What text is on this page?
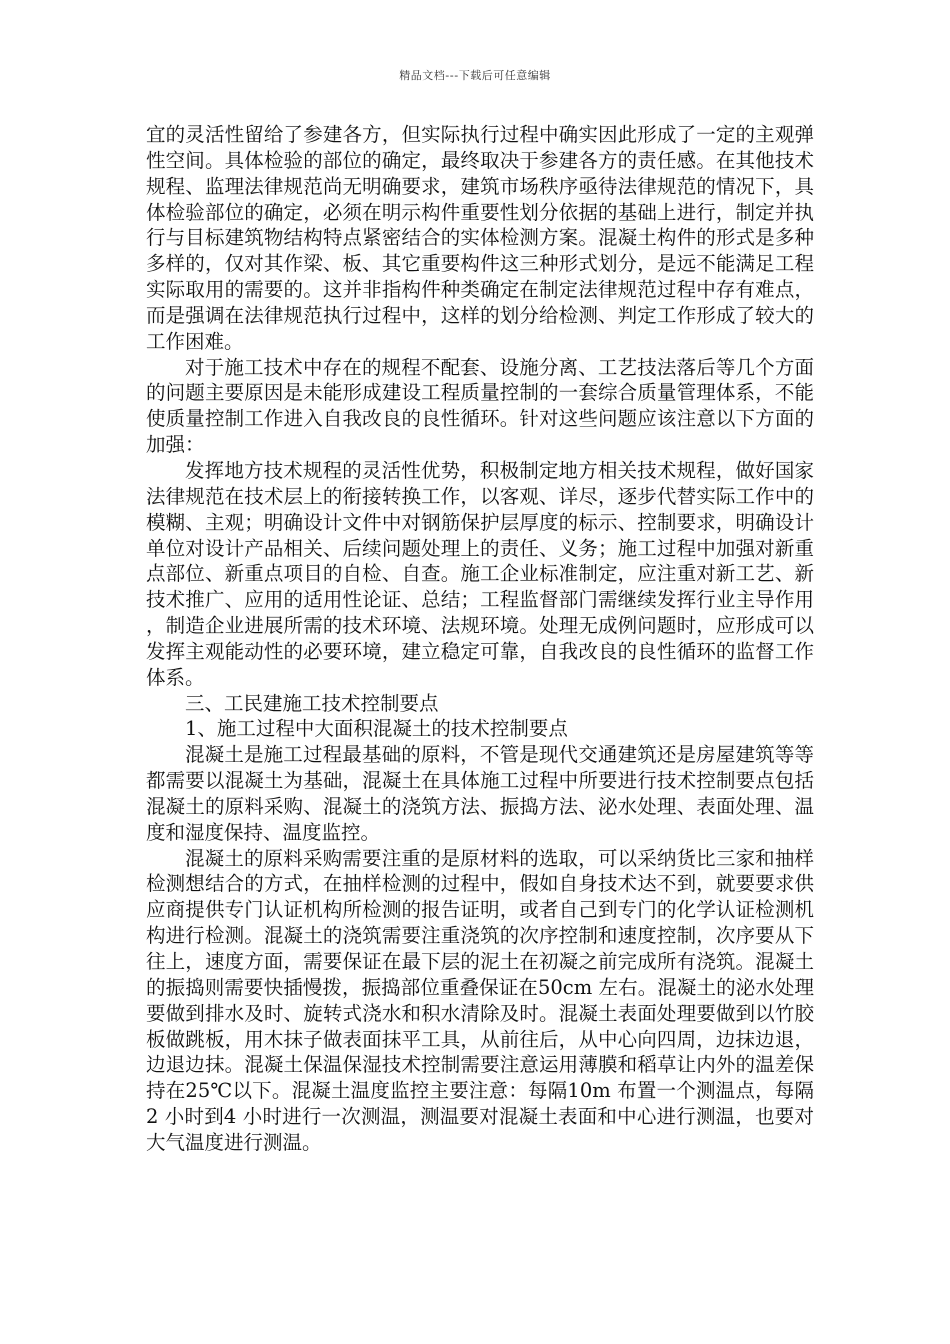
精品文档---下载后可任意编辑

宜的灵活性留给了参建各方，但实际执行过程中确实因此形成了一定的主观弹性空间。具体检验的部位的确定，最终取决于参建各方的责任感。在其他技术规程、监理法律规范尚无明确要求，建筑市场秩序亟待法律规范的情况下，具体检验部位的确定，必须在明示构件重要性划分依据的基础上进行，制定并执行与目标建筑物结构特点紧密结合的实体检测方案。混凝土构件的形式是多种多样的，仅对其作梁、板、其它重要构件这三种形式划分，是远不能满足工程实际取用的需要的。这并非指构件种类确定在制定法律规范过程中存有难点，而是强调在法律规范执行过程中，这样的划分给检测、判定工作形成了较大的工作困难。

对于施工技术中存在的规程不配套、设施分离、工艺技法落后等几个方面的问题主要原因是未能形成建设工程质量控制的一套综合质量管理体系，不能使质量控制工作进入自我改良的良性循环。针对这些问题应该注意以下方面的加强：

发挥地方技术规程的灵活性优势，积极制定地方相关技术规程，做好国家法律规范在技术层上的衔接转换工作，以客观、详尽，逐步代替实际工作中的模糊、主观；明确设计文件中对钢筋保护层厚度的标示、控制要求，明确设计单位对设计产品相关、后续问题处理上的责任、义务；施工过程中加强对新重点部位、新重点项目的自检、自查。施工企业标准制定，应注重对新工艺、新技术推广、应用的适用性论证、总结；工程监督部门需继续发挥行业主导作用，制造企业进展所需的技术环境、法规环境。处理无成例问题时，应形成可以发挥主观能动性的必要环境，建立稳定可靠，自我改良的良性循环的监督工作体系。

三、工民建施工技术控制要点

1、施工过程中大面积混凝土的技术控制要点

混凝土是施工过程最基础的原料，不管是现代交通建筑还是房屋建筑等等都需要以混凝土为基础，混凝土在具体施工过程中所要进行技术控制要点包括混凝土的原料采购、混凝土的浇筑方法、振捣方法、泌水处理、表面处理、温度和湿度保持、温度监控。

混凝土的原料采购需要注重的是原材料的选取，可以采纳货比三家和抽样检测想结合的方式，在抽样检测的过程中，假如自身技术达不到，就要要求供应商提供专门认证机构所检测的报告证明，或者自己到专门的化学认证检测机构进行检测。混凝土的浇筑需要注重浇筑的次序控制和速度控制，次序要从下往上，速度方面，需要保证在最下层的泥土在初凝之前完成所有浇筑。混凝土的振捣则需要快插慢拨，振捣部位重叠保证在50cm 左右。混凝土的泌水处理要做到排水及时、旋转式浇水和积水清除及时。混凝土表面处理要做到以竹胶板做跳板，用木抹子做表面抹平工具，从前往后，从中心向四周，边抹边退，边退边抹。混凝土保温保湿技术控制需要注意运用薄膜和稻草让内外的温差保持在25℃以下。混凝土温度监控主要注意：每隔10m 布置一个测温点，每隔2 小时到4 小时进行一次测温，测温要对混凝土表面和中心进行测温，也要对大气温度进行测温。
